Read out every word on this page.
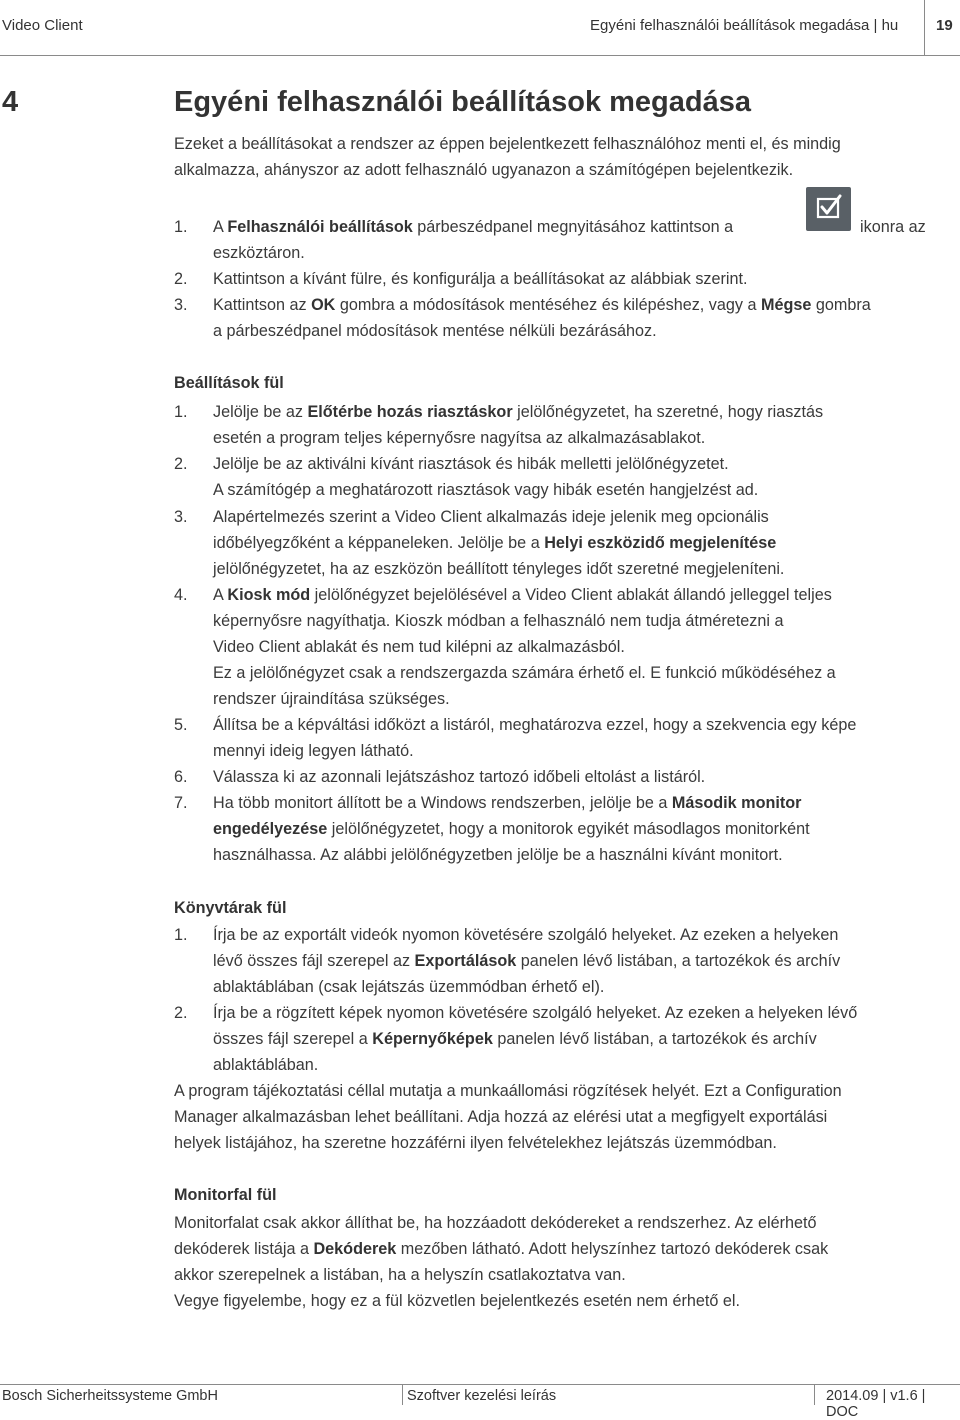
Video Client	Egyéni felhasználói beállítások megadása | hu	19
4	Egyéni felhasználói beállítások megadása
Ezeket a beállításokat a rendszer az éppen bejelentkezett felhasználóhoz menti el, és mindig
alkalmazza, ahányszor az adott felhasználó ugyanazon a számítógépen bejelentkezik.
1. A Felhasználói beállítások párbeszédpanel megnyitásához kattintson a	ikonra az
eszköztáron.
2. Kattintson a kívánt fülre, és konfigurálja a beállításokat az alábbiak szerint.
3. Kattintson az OK gombra a módosítások mentéséhez és kilépéshez, vagy a Mégse gombra
a párbeszédpanel módosítások mentése nélküli bezárásához.
Beállítások fül
1. Jelölje be az Előtérbe hozás riasztáskor jelölőnégyzetet, ha szeretné, hogy riasztás
esetén a program teljes képernyősre nagyítsa az alkalmazásablakot.
2. Jelölje be az aktiválni kívánt riasztások és hibák melletti jelölőnégyzetet.
A számítógép a meghatározott riasztások vagy hibák esetén hangjelzést ad.
3. Alapértelmezés szerint a Video Client alkalmazás ideje jelenik meg opcionális
időbélyegzőként a képpaneleken. Jelölje be a Helyi eszközidő megjelenítése
jelölőnégyzetet, ha az eszközön beállított tényleges időt szeretné megjeleníteni.
4. A Kiosk mód jelölőnégyzet bejelölésével a Video Client ablakát állandó jelleggel teljes
képernyősre nagyíthatja. Kioszk módban a felhasználó nem tudja átméretezni a
Video Client ablakát és nem tud kilépni az alkalmazásból.
Ez a jelölőnégyzet csak a rendszergazda számára érhető el. E funkció működéséhez a
rendszer újraindítása szükséges.
5. Állítsa be a képváltási időközt a listáról, meghatározva ezzel, hogy a szekvencia egy képe
mennyi ideig legyen látható.
6. Válassza ki az azonnali lejátszáshoz tartozó időbeli eltolást a listáról.
7. Ha több monitort állított be a Windows rendszerben, jelölje be a Második monitor
engedélyezése jelölőnégyzetet, hogy a monitorok egyikét másodlagos monitorként
használhassa. Az alábbi jelölőnégyzetben jelölje be a használni kívánt monitort.
Könyvtárak fül
1. Írja be az exportált videók nyomon követésére szolgáló helyeket. Az ezeken a helyeken
lévő összes fájl szerepel az Exportálások panelen lévő listában, a tartozékok és archív
ablaktáblában (csak lejátszás üzemmódban érhető el).
2. Írja be a rögzített képek nyomon követésére szolgáló helyeket. Az ezeken a helyeken lévő
összes fájl szerepel a Képernyőképek panelen lévő listában, a tartozékok és archív
ablaktáblában.
A program tájékoztatási céllal mutatja a munkaállomási rögzítések helyét. Ezt a Configuration
Manager alkalmazásban lehet beállítani. Adja hozzá az elérési utat a megfigyelt exportálási
helyek listájához, ha szeretne hozzáférni ilyen felvételekhez lejátszás üzemmódban.
Monitorfal fül
Monitorfalat csak akkor állíthat be, ha hozzáadott dekódereket a rendszerhez. Az elérhető
dekóderek listája a Dekóderek mezőben látható. Adott helyszínhez tartozó dekóderek csak
akkor szerepelnek a listában, ha a helyszín csatlakoztatva van.
Vegye figyelembe, hogy ez a fül közvetlen bejelentkezés esetén nem érhető el.
Bosch Sicherheitssysteme GmbH	Szoftver kezelési leírás	2014.09 | v1.6 | DOC
